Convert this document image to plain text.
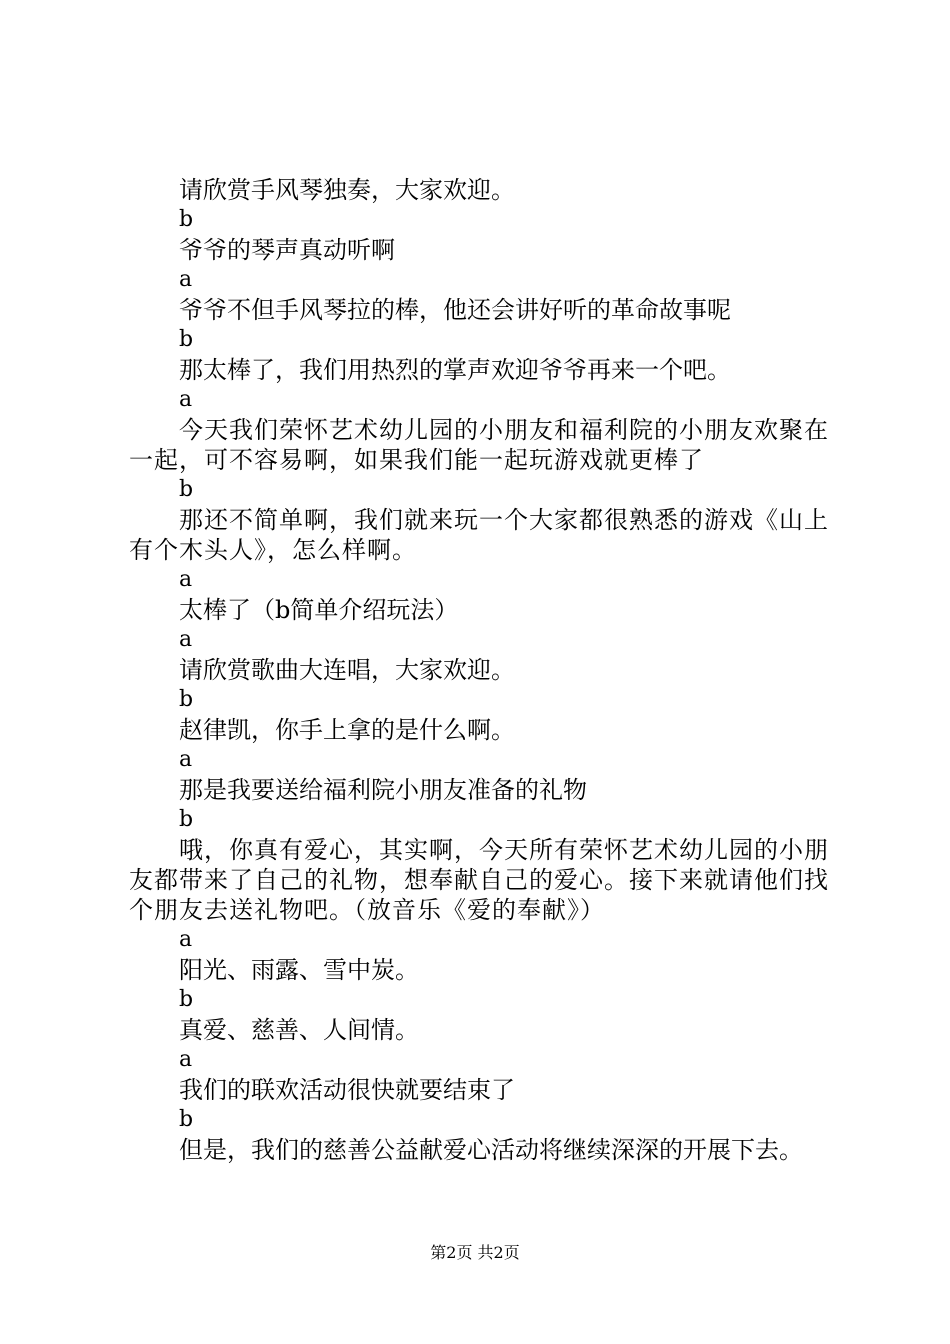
请欣赏手风琴独奏，大家欢迎。
b
爷爷的琴声真动听啊
a
爷爷不但手风琴拉的棒，他还会讲好听的革命故事呢
b
那太棒了，我们用热烈的掌声欢迎爷爷再来一个吧。
a
今天我们荣怀艺术幼儿园的小朋友和福利院的小朋友欢聚在一起，可不容易啊，如果我们能一起玩游戏就更棒了
b
那还不简单啊，我们就来玩一个大家都很熟悉的游戏《山上有个木头人》，怎么样啊。
a
太棒了（b简单介绍玩法）
a
请欣赏歌曲大连唱，大家欢迎。
b
赵律凯，你手上拿的是什么啊。
a
那是我要送给福利院小朋友准备的礼物
b
哦，你真有爱心，其实啊，今天所有荣怀艺术幼儿园的小朋友都带来了自己的礼物，想奉献自己的爱心。接下来就请他们找个朋友去送礼物吧。（放音乐《爱的奉献》）
a
阳光、雨露、雪中炭。
b
真爱、慈善、人间情。
a
我们的联欢活动很快就要结束了
b
但是，我们的慈善公益献爱心活动将继续深深的开展下去。
第2页 共2页
